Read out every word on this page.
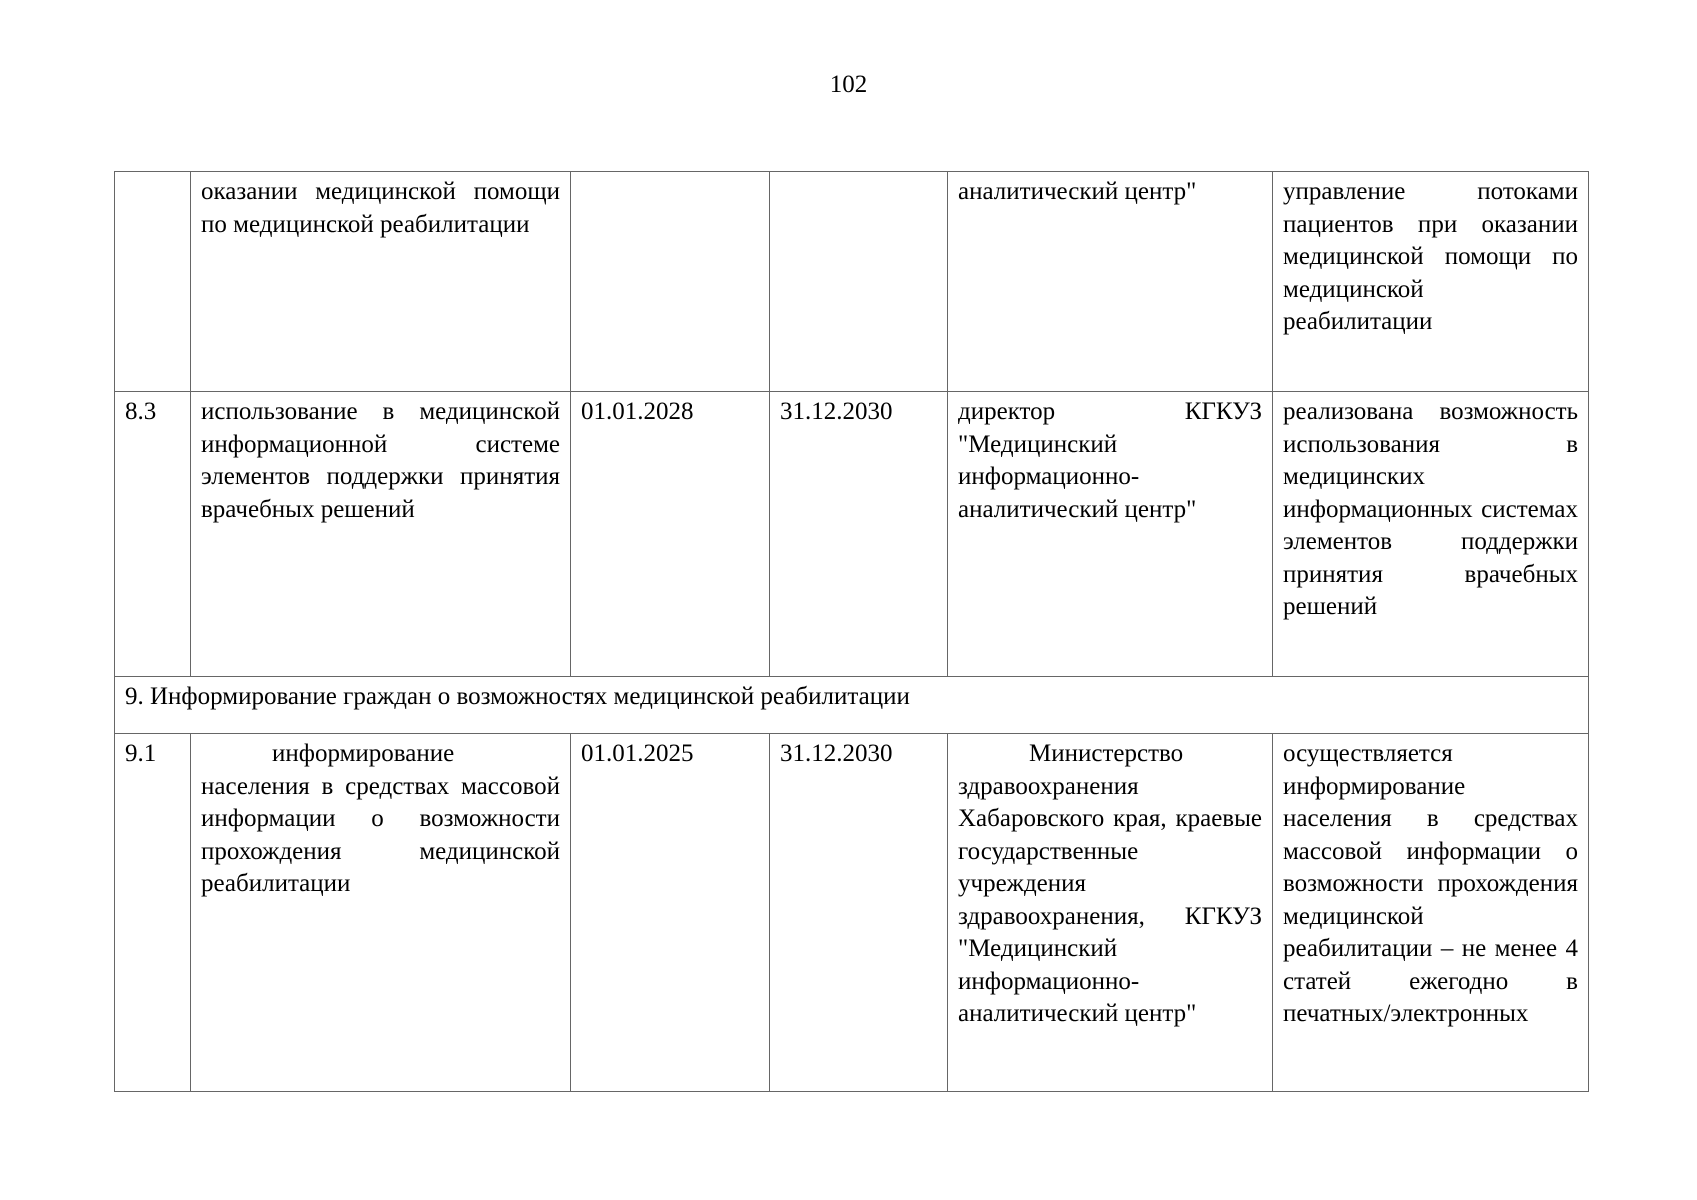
102
	оказании медицинской помощи по медицинской реабилитации			аналитический центр"	управление потоками пациентов при оказании медицинской помощи по медицинской реабилитации
8.3	использование в медицинской информационной системе элементов поддержки принятия врачебных решений	01.01.2028	31.12.2030	директор КГКУЗ "Медицинский информационно-аналитический центр"	реализована возможность использования в медицинских информационных системах элементов поддержки принятия врачебных решений
9. Информирование граждан о возможностях медицинской реабилитации					
9.1	информирование населения в средствах массовой информации о возможности прохождения медицинской реабилитации	01.01.2025	31.12.2030	Министерство здравоохранения Хабаровского края, краевые государственные учреждения здравоохранения, КГКУЗ "Медицинский информационно-аналитический центр"	осуществляется информирование населения в средствах массовой информации о возможности прохождения медицинской реабилитации – не менее 4 статей ежегодно в печатных/электронных
